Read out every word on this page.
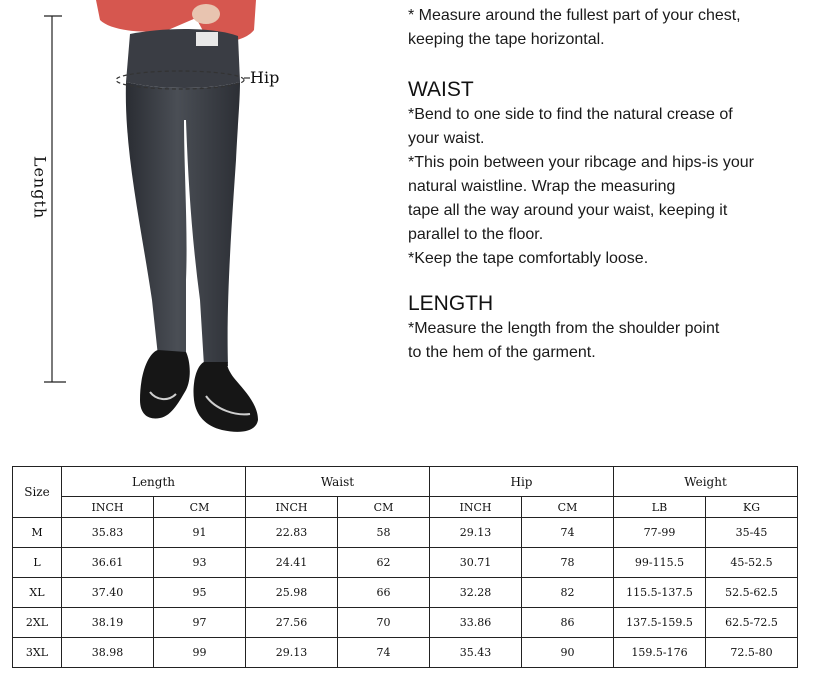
Hip
Length
* Measure around the fullest part of your chest,
keeping the tape horizontal.
WAIST
*Bend to one side to find the natural crease of
your waist.
*This poin between your ribcage and hips-is your
natural waistline. Wrap the measuring
tape all the way around your waist, keeping it
parallel to the floor.
*Keep the tape comfortably loose.
LENGTH
*Measure the length from the shoulder point
to the hem of the garment.
Size	Length		Waist		Hip		Weight	
	INCH	CM	INCH	CM	INCH	CM	LB	KG
M	35.83	91	22.83	58	29.13	74	77-99	35-45
L	36.61	93	24.41	62	30.71	78	99-115.5	45-52.5
XL	37.40	95	25.98	66	32.28	82	115.5-137.5	52.5-62.5
2XL	38.19	97	27.56	70	33.86	86	137.5-159.5	62.5-72.5
3XL	38.98	99	29.13	74	35.43	90	159.5-176	72.5-80
